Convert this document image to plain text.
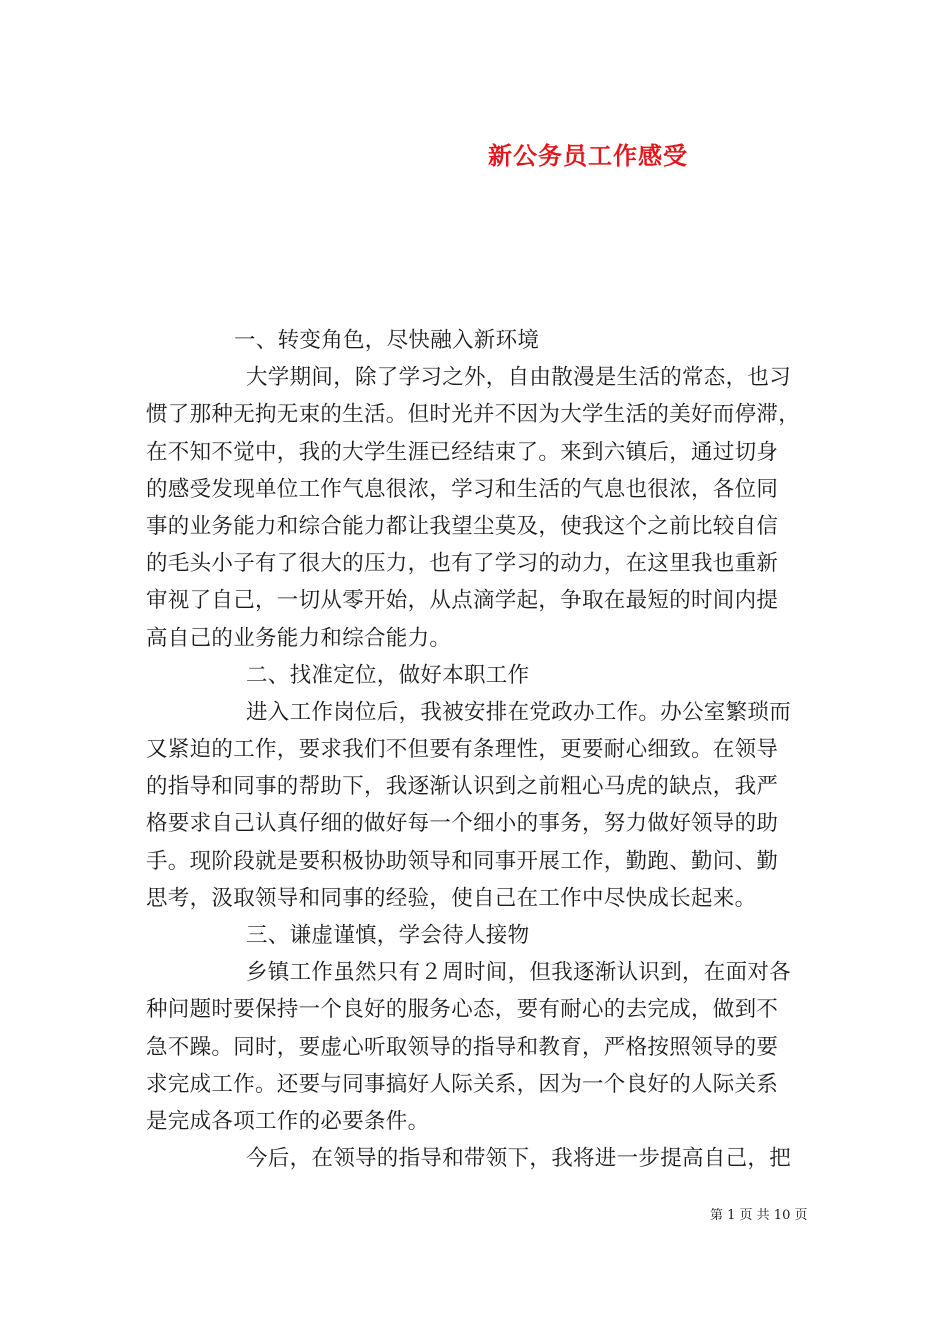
新公务员工作感受
一、转变角色，尽快融入新环境
大学期间，除了学习之外，自由散漫是生活的常态，也习
惯了那种无拘无束的生活。但时光并不因为大学生活的美好而停滞，
在不知不觉中，我的大学生涯已经结束了。来到六镇后，通过切身
的感受发现单位工作气息很浓，学习和生活的气息也很浓，各位同
事的业务能力和综合能力都让我望尘莫及，使我这个之前比较自信
的毛头小子有了很大的压力，也有了学习的动力，在这里我也重新
审视了自己，一切从零开始，从点滴学起，争取在最短的时间内提
高自己的业务能力和综合能力。
二、找准定位，做好本职工作
进入工作岗位后，我被安排在党政办工作。办公室繁琐而
又紧迫的工作，要求我们不但要有条理性，更要耐心细致。在领导
的指导和同事的帮助下，我逐渐认识到之前粗心马虎的缺点，我严
格要求自己认真仔细的做好每一个细小的事务，努力做好领导的助
手。现阶段就是要积极协助领导和同事开展工作，勤跑、勤问、勤
思考，汲取领导和同事的经验，使自己在工作中尽快成长起来。
三、谦虚谨慎，学会待人接物
乡镇工作虽然只有２周时间，但我逐渐认识到，在面对各
种问题时要保持一个良好的服务心态，要有耐心的去完成，做到不
急不躁。同时，要虚心听取领导的指导和教育，严格按照领导的要
求完成工作。还要与同事搞好人际关系，因为一个良好的人际关系
是完成各项工作的必要条件。
今后，在领导的指导和带领下，我将进一步提高自己，把
第 1 页 共 10 页
